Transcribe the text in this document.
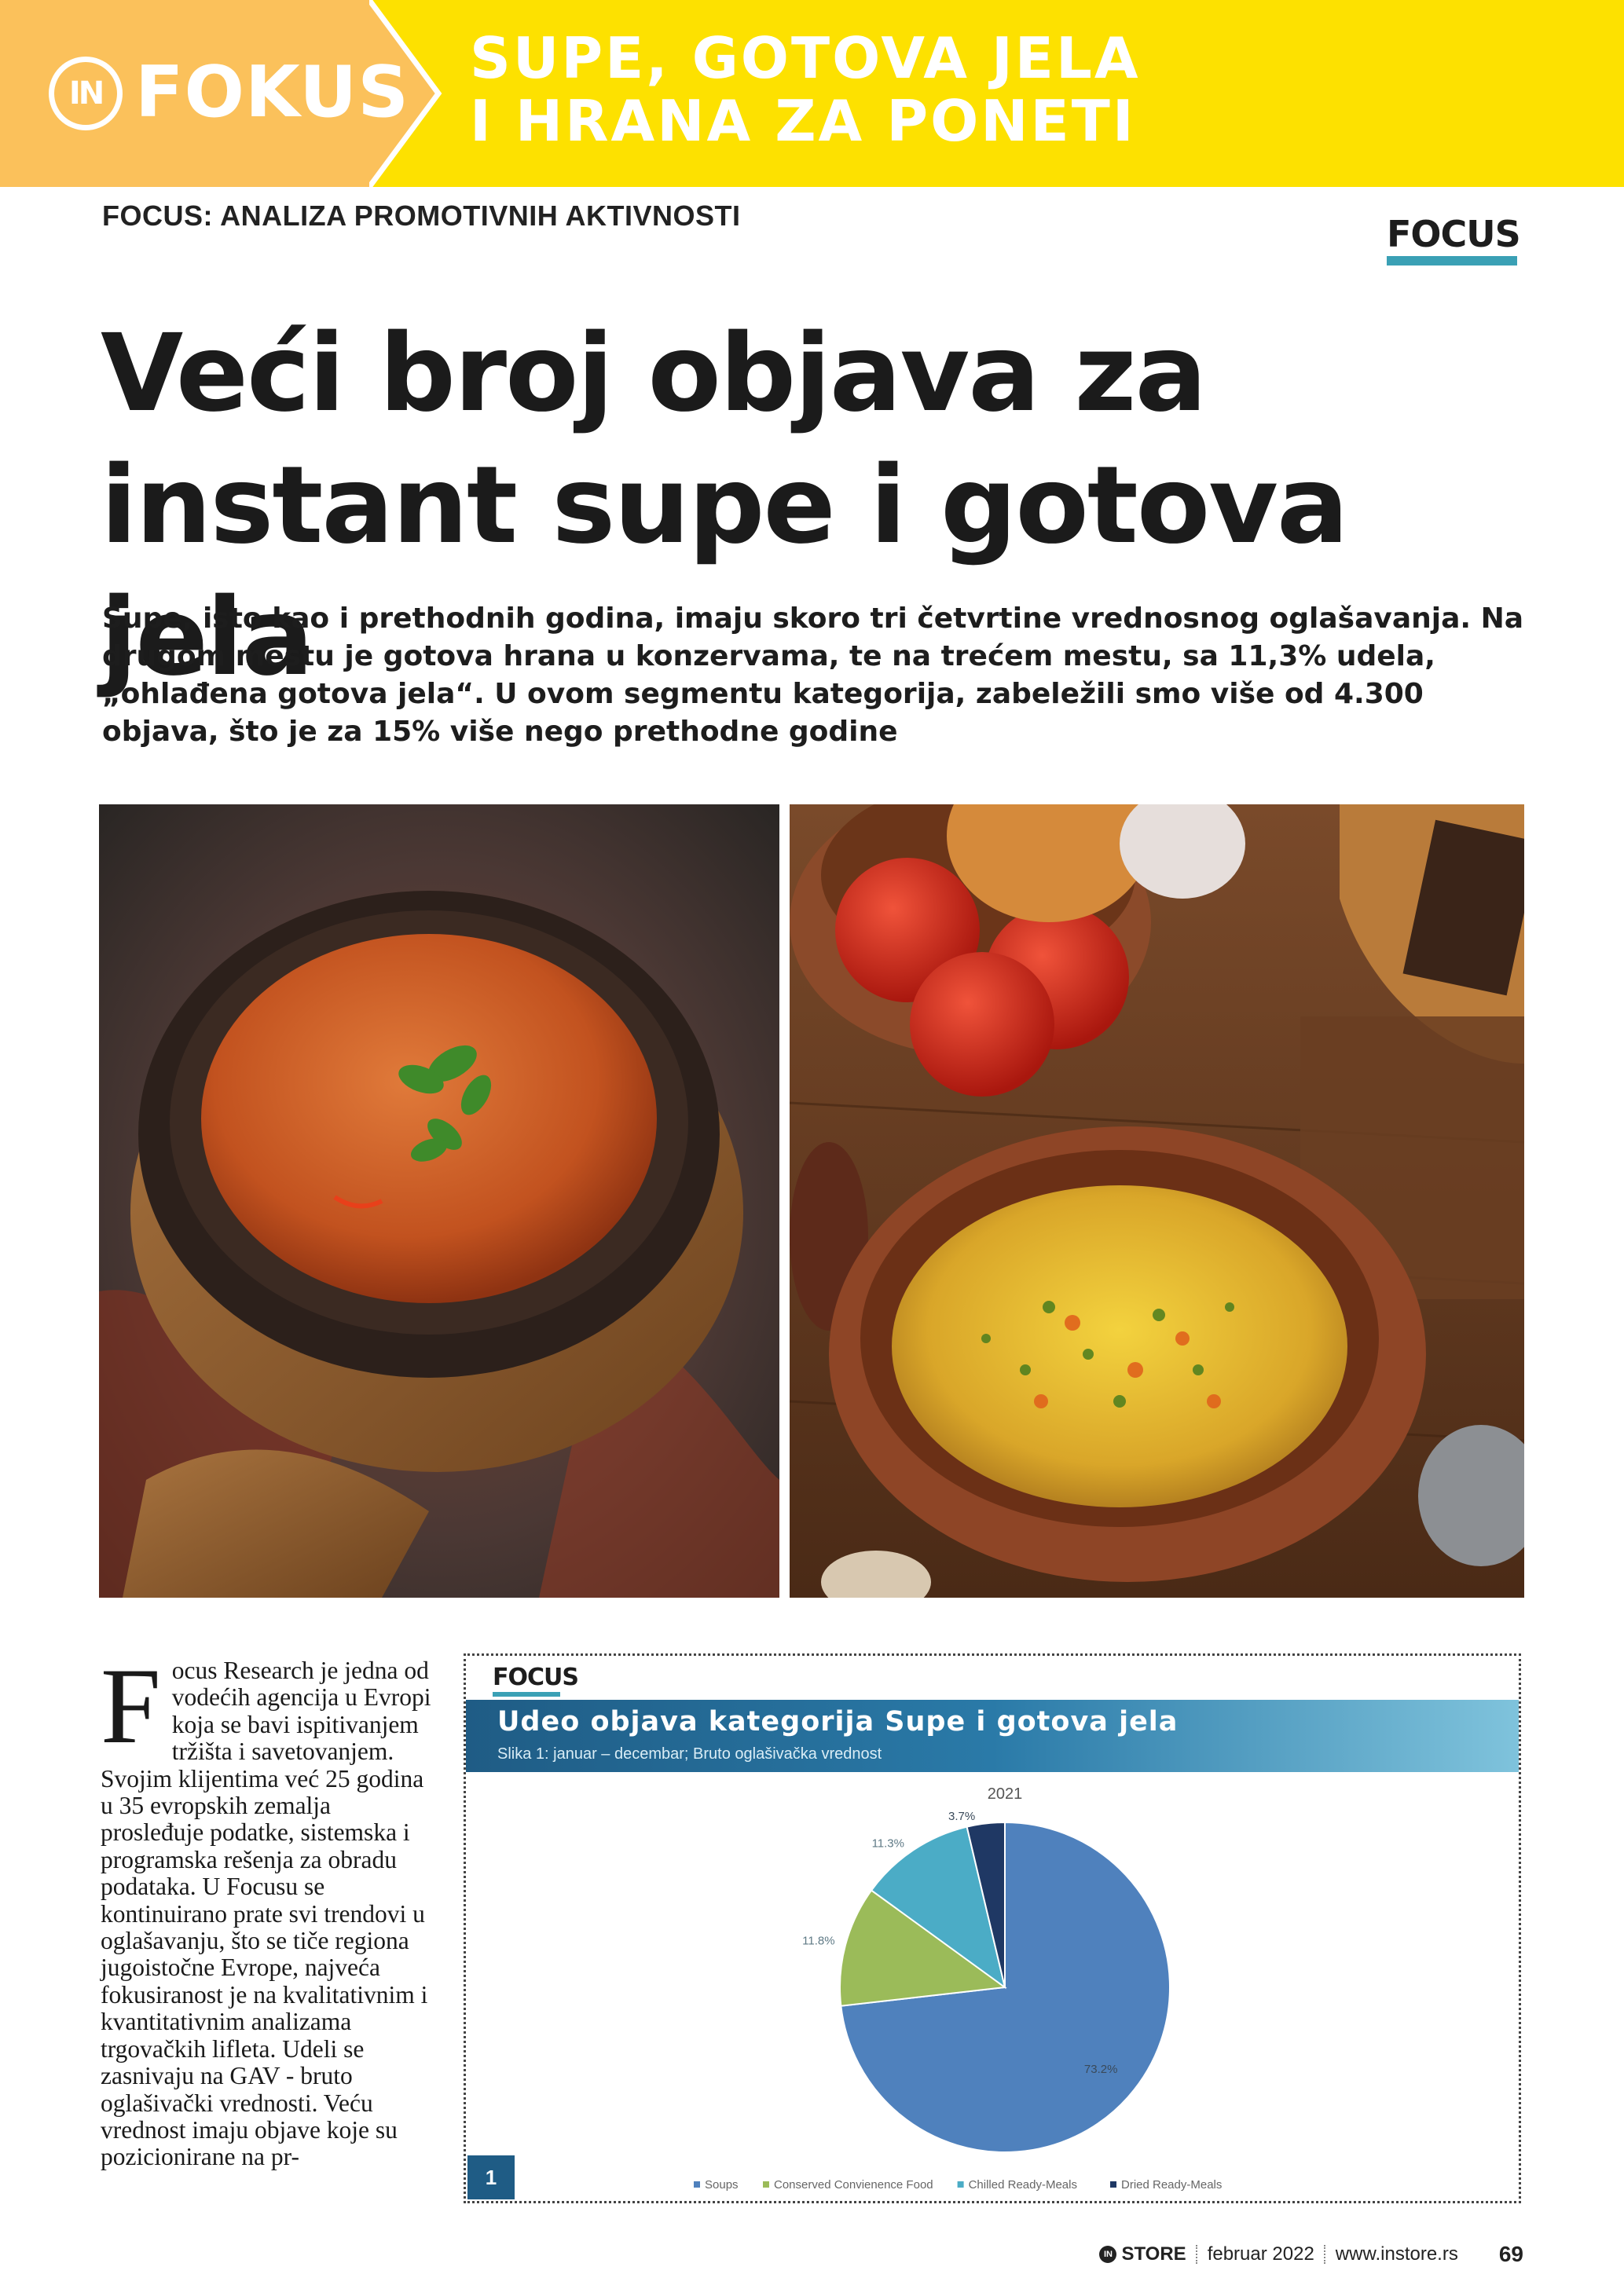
IN FOKUS SUPE, GOTOVA JELA
I HRANA ZA PONETI
FOCUS: ANALIZA PROMOTIVNIH AKTIVNOSTI	FOCUS
Veći broj objava za
instant supe i gotova jela

Supe, isto kao i prethodnih godina, imaju skoro tri četvrtine vrednosnog oglašavanja. Na drugom mestu je gotova hrana u konzervama, te na trećem mestu, sa 11,3% udela, „ohlađena gotova jela“. U ovom segmentu kategorija, zabeležili smo više od 4.300 objava, što je za 15% više nego prethodne godine

F ocus Research je jedna od vodećih agencija u Evropi koja se bavi ispitivanjem tržišta i savetovanjem. Svojim klijentima već 25 godina u 35 evropskih zemalja prosleđuje podatke, sistemska i programska rešenja za obradu podataka. U Focusu se kontinuirano prate svi trendovi u oglašavanju, što se tiče regiona jugoistočne Evrope, najveća fokusiranost je na kvalitativnim i kvantitativnim analizama trgovačkih lifleta. Udeli se zasnivaju na GAV - bruto oglašivački vrednosti. Veću vrednost imaju objave koje su pozicionirane na pr-
FOCUS
Udeo objava kategorija Supe i gotova jela
Slika 1: januar – decembar; Bruto oglašivačka vrednost
2021
73.2%
11.8%
11.3%
3.7%
Soups	Conserved Convienence Food	Chilled Ready-Meals	Dried Ready-Meals
1
IN STORE februar 2022 www.instore.rs 69
